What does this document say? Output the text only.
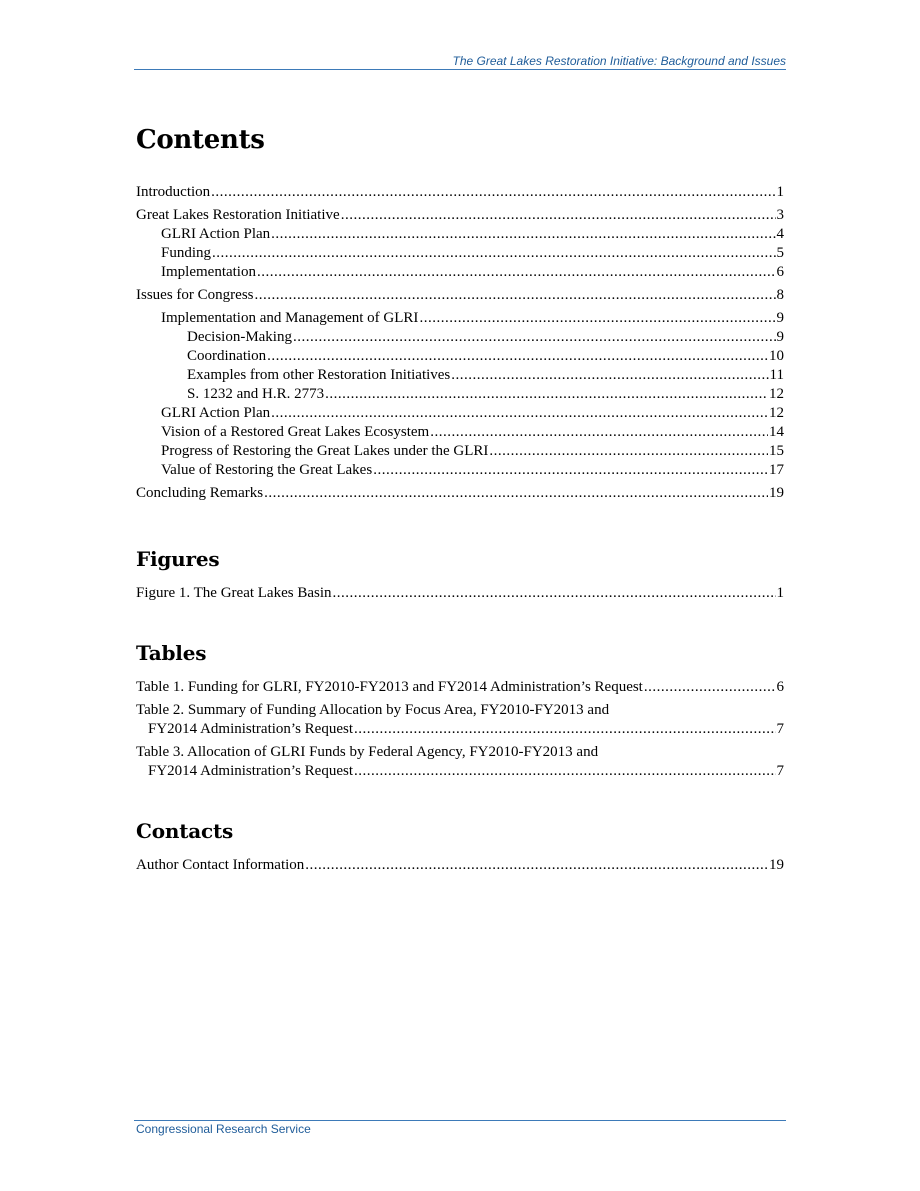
The Great Lakes Restoration Initiative: Background and Issues
Contents
Introduction .....	1
Great Lakes Restoration Initiative .....	3
GLRI Action Plan .....	4
Funding .....	5
Implementation .....	6
Issues for Congress .....	8
Implementation and Management of GLRI .....	9
Decision-Making .....	9
Coordination .....	10
Examples from other Restoration Initiatives .....	11
S. 1232 and H.R. 2773 .....	12
GLRI Action Plan .....	12
Vision of a Restored Great Lakes Ecosystem .....	14
Progress of Restoring the Great Lakes under the GLRI .....	15
Value of Restoring the Great Lakes .....	17
Concluding Remarks .....	19
Figures
Figure 1. The Great Lakes Basin .....	1
Tables
Table 1. Funding for GLRI, FY2010-FY2013 and FY2014 Administration’s Request .....	6
Table 2. Summary of Funding Allocation by Focus Area, FY2010-FY2013 and
FY2014 Administration’s Request .....	7
Table 3. Allocation of GLRI Funds by Federal Agency, FY2010-FY2013 and
FY2014 Administration’s Request .....	7
Contacts
Author Contact Information .....	19
Congressional Research Service
